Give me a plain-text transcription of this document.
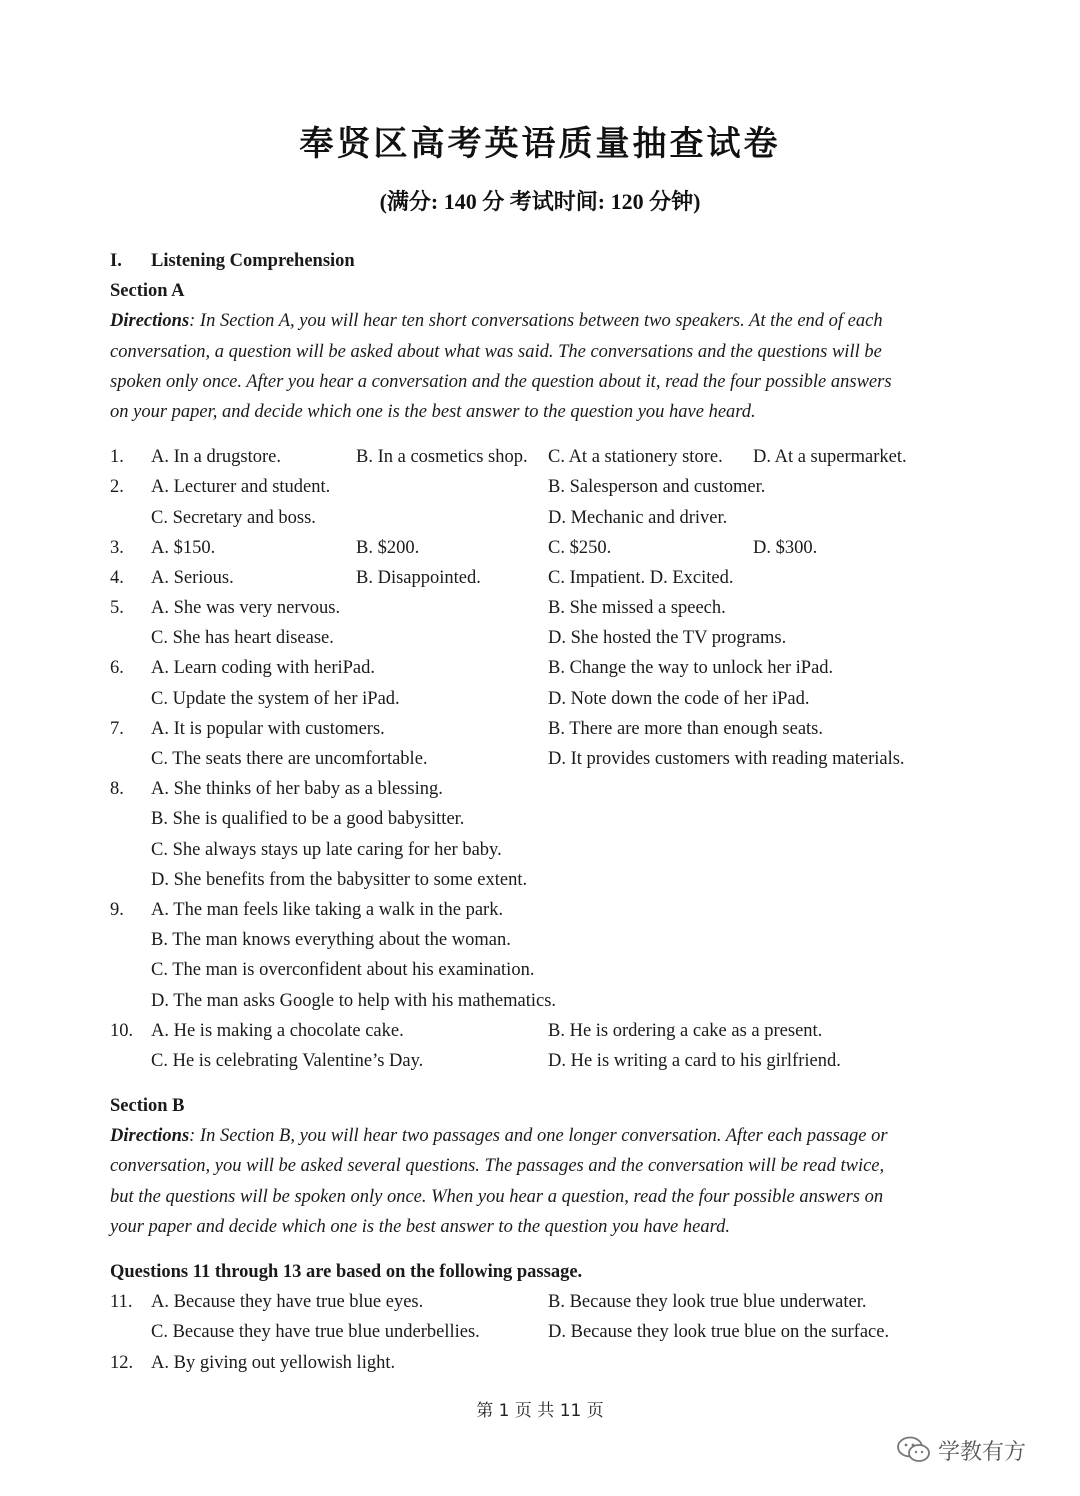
奉贤区高考英语质量抽查试卷
(满分: 140 分 考试时间: 120 分钟)
I. Listening Comprehension
Section A
Directions: In Section A, you will hear ten short conversations between two speakers. At the end of each
conversation, a question will be asked about what was said. The conversations and the questions will be
spoken only once. After you hear a conversation and the question about it, read the four possible answers
on your paper, and decide which one is the best answer to the question you have heard.
1. A. In a drugstore.	B. In a cosmetics shop. C. At a stationery store. D. At a supermarket.
2. A. Lecturer and student.	B. Salesperson and customer.
C. Secretary and boss.	D. Mechanic and driver.
3. A. $150.	B. $200.	C. $250.	D. $300.
4. A. Serious.	B. Disappointed.	C. Impatient. D. Excited.
5. A. She was very nervous.	B. She missed a speech.
C. She has heart disease.	D. She hosted the TV programs.
6. A. Learn coding with heriPad.	B. Change the way to unlock her iPad.
C. Update the system of her iPad.	D. Note down the code of her iPad.
7. A. It is popular with customers.	B. There are more than enough seats.
C. The seats there are uncomfortable.	D. It provides customers with reading materials.
8. A. She thinks of her baby as a blessing.
B. She is qualified to be a good babysitter.
C. She always stays up late caring for her baby.
D. She benefits from the babysitter to some extent.
9. A. The man feels like taking a walk in the park.
B. The man knows everything about the woman.
C. The man is overconfident about his examination.
D. The man asks Google to help with his mathematics.
10. A. He is making a chocolate cake.	B. He is ordering a cake as a present.
C. He is celebrating Valentine’s Day.	D. He is writing a card to his girlfriend.
Section B
Directions: In Section B, you will hear two passages and one longer conversation. After each passage or
conversation, you will be asked several questions. The passages and the conversation will be read twice,
but the questions will be spoken only once. When you hear a question, read the four possible answers on
your paper and decide which one is the best answer to the question you have heard.
Questions 11 through 13 are based on the following passage.
11. A. Because they have true blue eyes.	B. Because they look true blue underwater.
C. Because they have true blue underbellies.	D. Because they look true blue on the surface.
12. A. By giving out yellowish light.
第 1 页 共 11 页
学教有方
